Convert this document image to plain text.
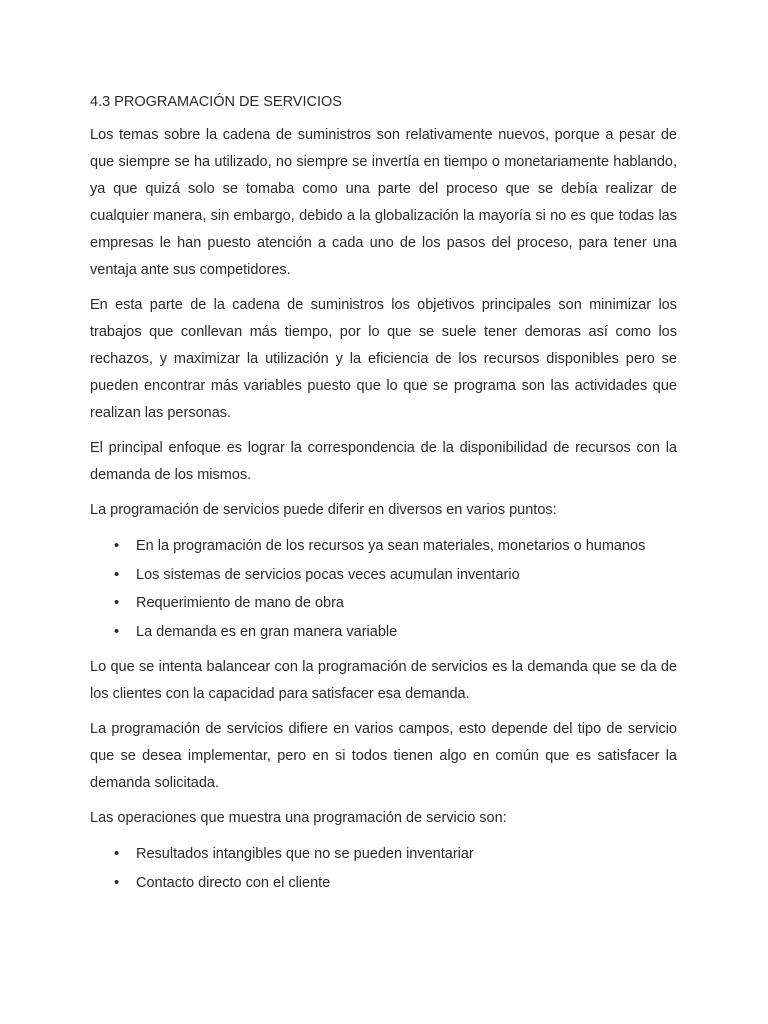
4.3 PROGRAMACIÓN DE SERVICIOS

Los temas sobre la cadena de suministros son relativamente nuevos, porque a pesar de que siempre se ha utilizado, no siempre se invertía en tiempo o monetariamente hablando, ya que quizá solo se tomaba como una parte del proceso que se debía realizar de cualquier manera, sin embargo, debido a la globalización la mayoría si no es que todas las empresas le han puesto atención a cada uno de los pasos del proceso, para tener una ventaja ante sus competidores.

En esta parte de la cadena de suministros los objetivos principales son minimizar los trabajos que conllevan más tiempo, por lo que se suele tener demoras así como los rechazos, y maximizar la utilización y la eficiencia de los recursos disponibles pero se pueden encontrar más variables puesto que lo que se programa son las actividades que realizan las personas.

El principal enfoque es lograr la correspondencia de la disponibilidad de recursos con la demanda de los mismos.

La programación de servicios puede diferir en diversos en varios puntos:

• En la programación de los recursos ya sean materiales, monetarios o humanos
• Los sistemas de servicios pocas veces acumulan inventario
• Requerimiento de mano de obra
• La demanda es en gran manera variable

Lo que se intenta balancear con la programación de servicios es la demanda que se da de los clientes con la capacidad para satisfacer esa demanda.

La programación de servicios difiere en varios campos, esto depende del tipo de servicio que se desea implementar, pero en si todos tienen algo en común que es satisfacer la demanda solicitada.

Las operaciones que muestra una programación de servicio son:

• Resultados intangibles que no se pueden inventariar
• Contacto directo con el cliente
